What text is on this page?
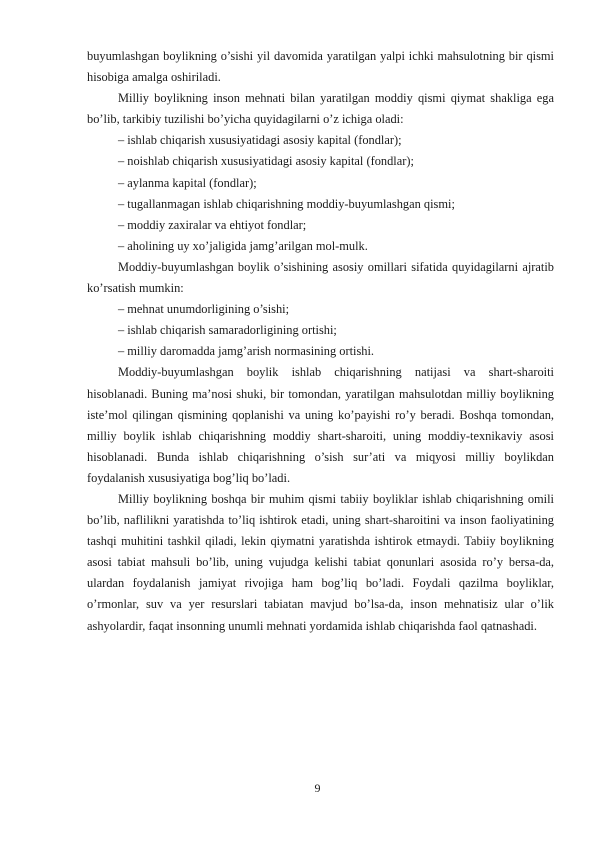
buyumlashgan boylikning o’sishi yil davomida yaratilgan yalpi ichki mahsulotning bir qismi hisobiga amalga oshiriladi.

Milliy boylikning inson mehnati bilan yaratilgan moddiy qismi qiymat shakliga ega bo’lib, tarkibiy tuzilishi bo’yicha quyidagilarni o’z ichiga oladi:

– ishlab chiqarish xususiyatidagi asosiy kapital (fondlar);

– noishlab chiqarish xususiyatidagi asosiy kapital (fondlar);

– aylanma kapital (fondlar);

– tugallanmagan ishlab chiqarishning moddiy-buyumlashgan qismi;

– moddiy zaxiralar va ehtiyot fondlar;

– aholining uy xo’jaligida jamg’arilgan mol-mulk.

Moddiy-buyumlashgan boylik o’sishining asosiy omillari sifatida quyidagilarni ajratib ko’rsatish mumkin:

– mehnat unumdorligining o’sishi;

– ishlab chiqarish samaradorligining ortishi;

– milliy daromadda jamg’arish normasining ortishi.

Moddiy-buyumlashgan boylik ishlab chiqarishning natijasi va shart-sharoiti hisoblanadi. Buning ma’nosi shuki, bir tomondan, yaratilgan mahsulotdan milliy boylikning iste’mol qilingan qismining qoplanishi va uning ko’payishi ro’y beradi. Boshqa tomondan, milliy boylik ishlab chiqarishning moddiy shart-sharoiti, uning moddiy-texnikaviy asosi hisoblanadi. Bunda ishlab chiqarishning o’sish sur’ati va miqyosi milliy boylikdan foydalanish xususiyatiga bog’liq bo’ladi.

Milliy boylikning boshqa bir muhim qismi tabiiy boyliklar ishlab chiqarishning omili bo’lib, naflilikni yaratishda to’liq ishtirok etadi, uning shart-sharoitini va inson faoliyatining tashqi muhitini tashkil qiladi, lekin qiymatni yaratishda ishtirok etmaydi. Tabiiy boylikning asosi tabiat mahsuli bo’lib, uning vujudga kelishi tabiat qonunlari asosida ro’y bersa-da, ulardan foydalanish jamiyat rivojiga ham bog’liq bo’ladi. Foydali qazilma boyliklar, o’rmonlar, suv va yer resurslari tabiatan mavjud bo’lsa-da, inson mehnatisiz ular o’lik ashyolardir, faqat insonning unumli mehnati yordamida ishlab chiqarishda faol qatnashadi.

9
